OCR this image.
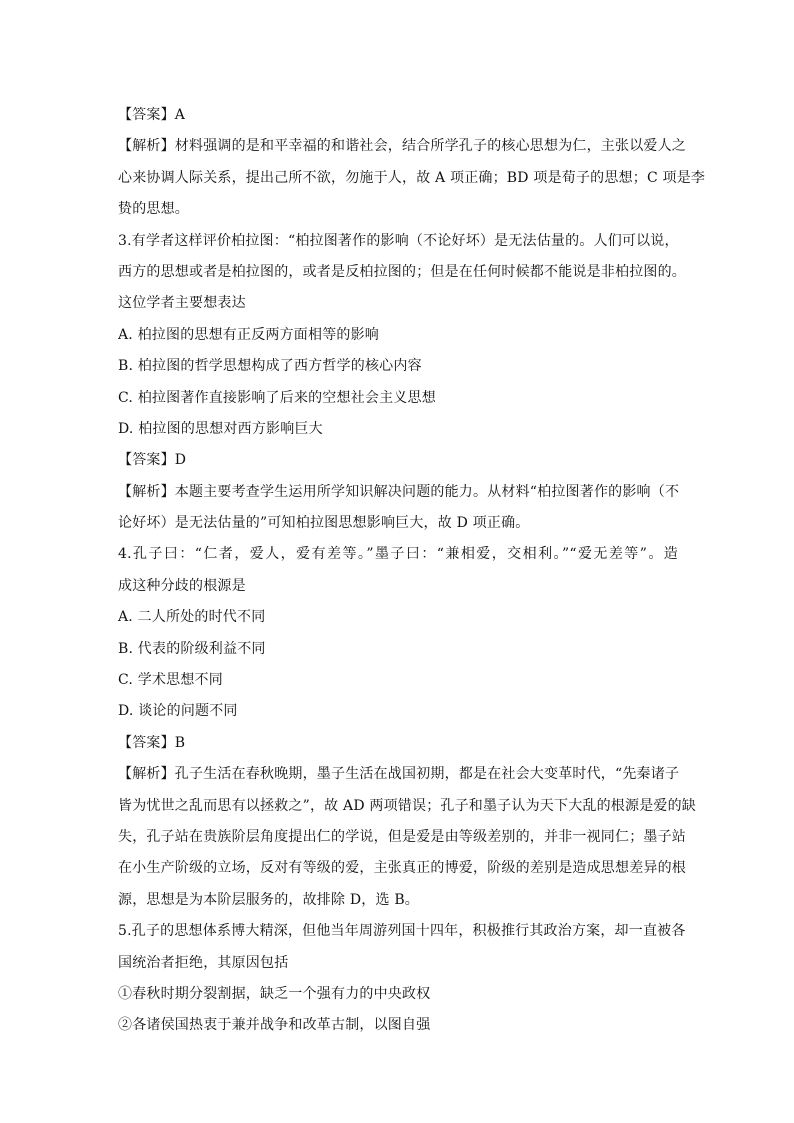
【答案】A
【解析】材料强调的是和平幸福的和谐社会，结合所学孔子的核心思想为仁，主张以爱人之
心来协调人际关系，提出己所不欲，勿施于人，故 A 项正确；BD 项是荀子的思想；C 项是李
贽的思想。
3.有学者这样评价柏拉图：“柏拉图著作的影响（不论好坏）是无法估量的。人们可以说，
西方的思想或者是柏拉图的，或者是反柏拉图的；但是在任何时候都不能说是非柏拉图的。
这位学者主要想表达
A. 柏拉图的思想有正反两方面相等的影响
B. 柏拉图的哲学思想构成了西方哲学的核心内容
C. 柏拉图著作直接影响了后来的空想社会主义思想
D. 柏拉图的思想对西方影响巨大
【答案】D
【解析】本题主要考查学生运用所学知识解决问题的能力。从材料“柏拉图著作的影响（不
论好坏）是无法估量的”可知柏拉图思想影响巨大，故 D 项正确。
4.孔子曰：“仁者，爱人，爱有差等。”墨子曰：“兼相爱，交相利。”“爱无差等”。造
成这种分歧的根源是
A. 二人所处的时代不同
B. 代表的阶级利益不同
C. 学术思想不同
D. 谈论的问题不同
【答案】B
【解析】孔子生活在春秋晚期，墨子生活在战国初期，都是在社会大变革时代，“先秦诸子
皆为忧世之乱而思有以拯救之”，故 AD 两项错误；孔子和墨子认为天下大乱的根源是爱的缺
失，孔子站在贵族阶层角度提出仁的学说，但是爱是由等级差别的，并非一视同仁；墨子站
在小生产阶级的立场，反对有等级的爱，主张真正的博爱，阶级的差别是造成思想差异的根
源，思想是为本阶层服务的，故排除 D，选 B。
5.孔子的思想体系博大精深，但他当年周游列国十四年，积极推行其政治方案，却一直被各
国统治者拒绝，其原因包括
①春秋时期分裂割据，缺乏一个强有力的中央政权
②各诸侯国热衷于兼并战争和改革古制，以图自强
